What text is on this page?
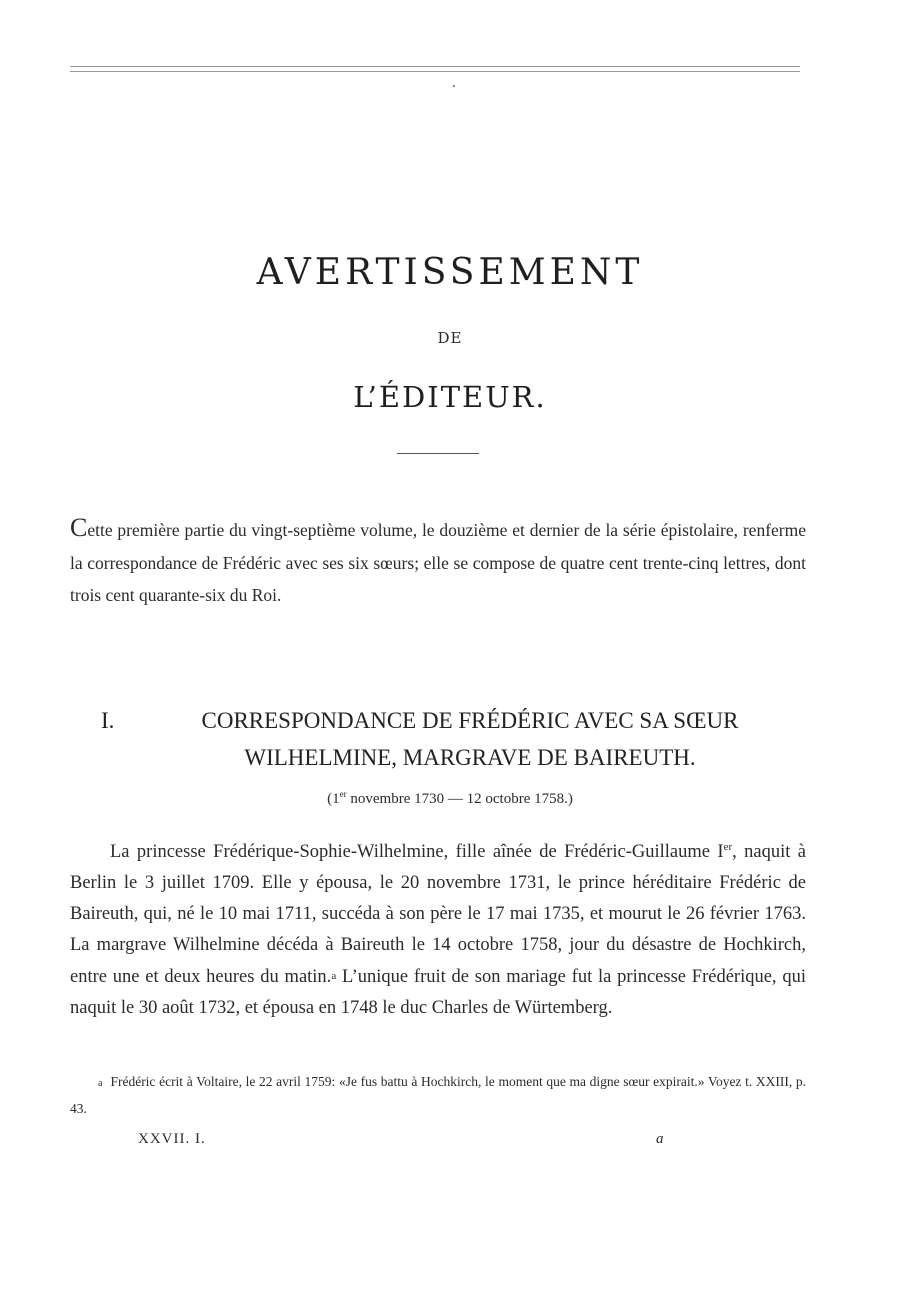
AVERTISSEMENT
DE
L’ÉDITEUR.

Cette première partie du vingt-septième volume, le douzième et dernier de la série épistolaire, renferme la correspondance de Frédéric avec ses six sœurs; elle se compose de quatre cent trente-cinq lettres, dont trois cent quarante-six du Roi.

I.	CORRESPONDANCE DE FRÉDÉRIC AVEC SA SŒUR
WILHELMINE, MARGRAVE DE BAIREUTH.
(1er novembre 1730 — 12 octobre 1758.)

La princesse Frédérique-Sophie-Wilhelmine, fille aînée de Frédéric-Guillaume Ier, naquit à Berlin le 3 juillet 1709. Elle y épousa, le 20 novembre 1731, le prince héréditaire Frédéric de Baireuth, qui, né le 10 mai 1711, succéda à son père le 17 mai 1735, et mourut le 26 février 1763. La margrave Wilhelmine décéda à Baireuth le 14 octobre 1758, jour du désastre de Hochkirch, entre une et deux heures du matin.a L’unique fruit de son mariage fut la princesse Frédérique, qui naquit le 30 août 1732, et épousa en 1748 le duc Charles de Würtemberg.

a Frédéric écrit à Voltaire, le 22 avril 1759: «Je fus battu à Hochkirch, le moment que ma digne sœur expirait.» Voyez t. XXIII, p. 43.

XXVII. I.	a
